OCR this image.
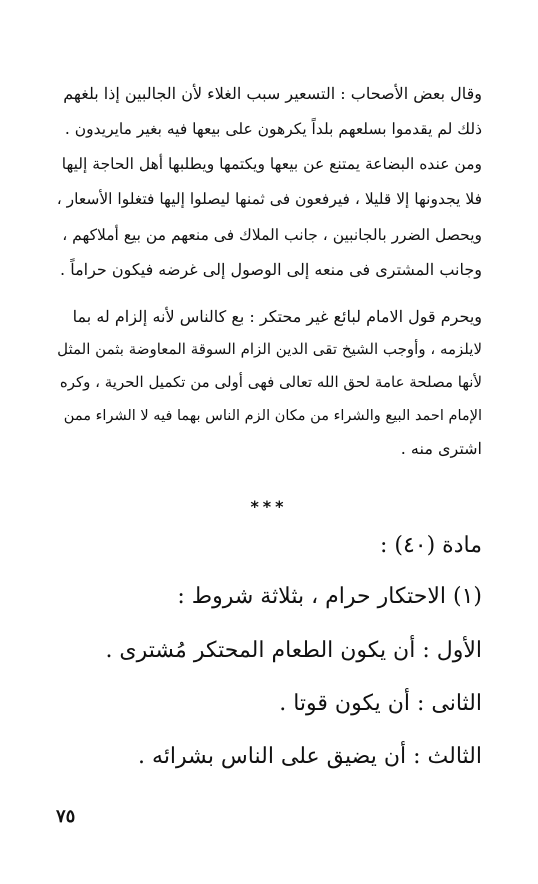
وقال بعض الأصحاب : التسعير سبب الغلاء لأن الجالبين إذا بلغهم
ذلك لم يقدموا بسلعهم بلداً يكرهون على بيعها فيه بغير مايريدون .
ومن عنده البضاعة يمتنع عن بيعها ويكتمها ويطلبها أهل الحاجة إليها
فلا يجدونها إلا قليلا ، فيرفعون فى ثمنها ليصلوا إليها فتغلوا الأسعار ،
ويحصل الضرر بالجانبين ، جانب الملاك فى منعهم من بيع أملاكهم ،
وجانب المشترى فى منعه إلى الوصول إلى غرضه فيكون حراماً .
ويحرم قول الامام لبائع غير محتكر : بع كالناس لأنه إلزام له بما
لايلزمه ، وأوجب الشيخ تقى الدين الزام السوقة المعاوضة بثمن المثل
لأنها مصلحة عامة لحق الله تعالى فهى أولى من تكميل الحرية ، وكره
الإمام احمد البيع والشراء من مكان الزم الناس بهما فيه لا الشراء ممن
اشترى منه .
***
مادة (٤٠) :
(١) الاحتكار حرام ، بثلاثة شروط :
الأول : أن يكون الطعام المحتكر مُشترى .
الثانى : أن يكون قوتا .
الثالث : أن يضيق على الناس بشرائه .
٧٥
